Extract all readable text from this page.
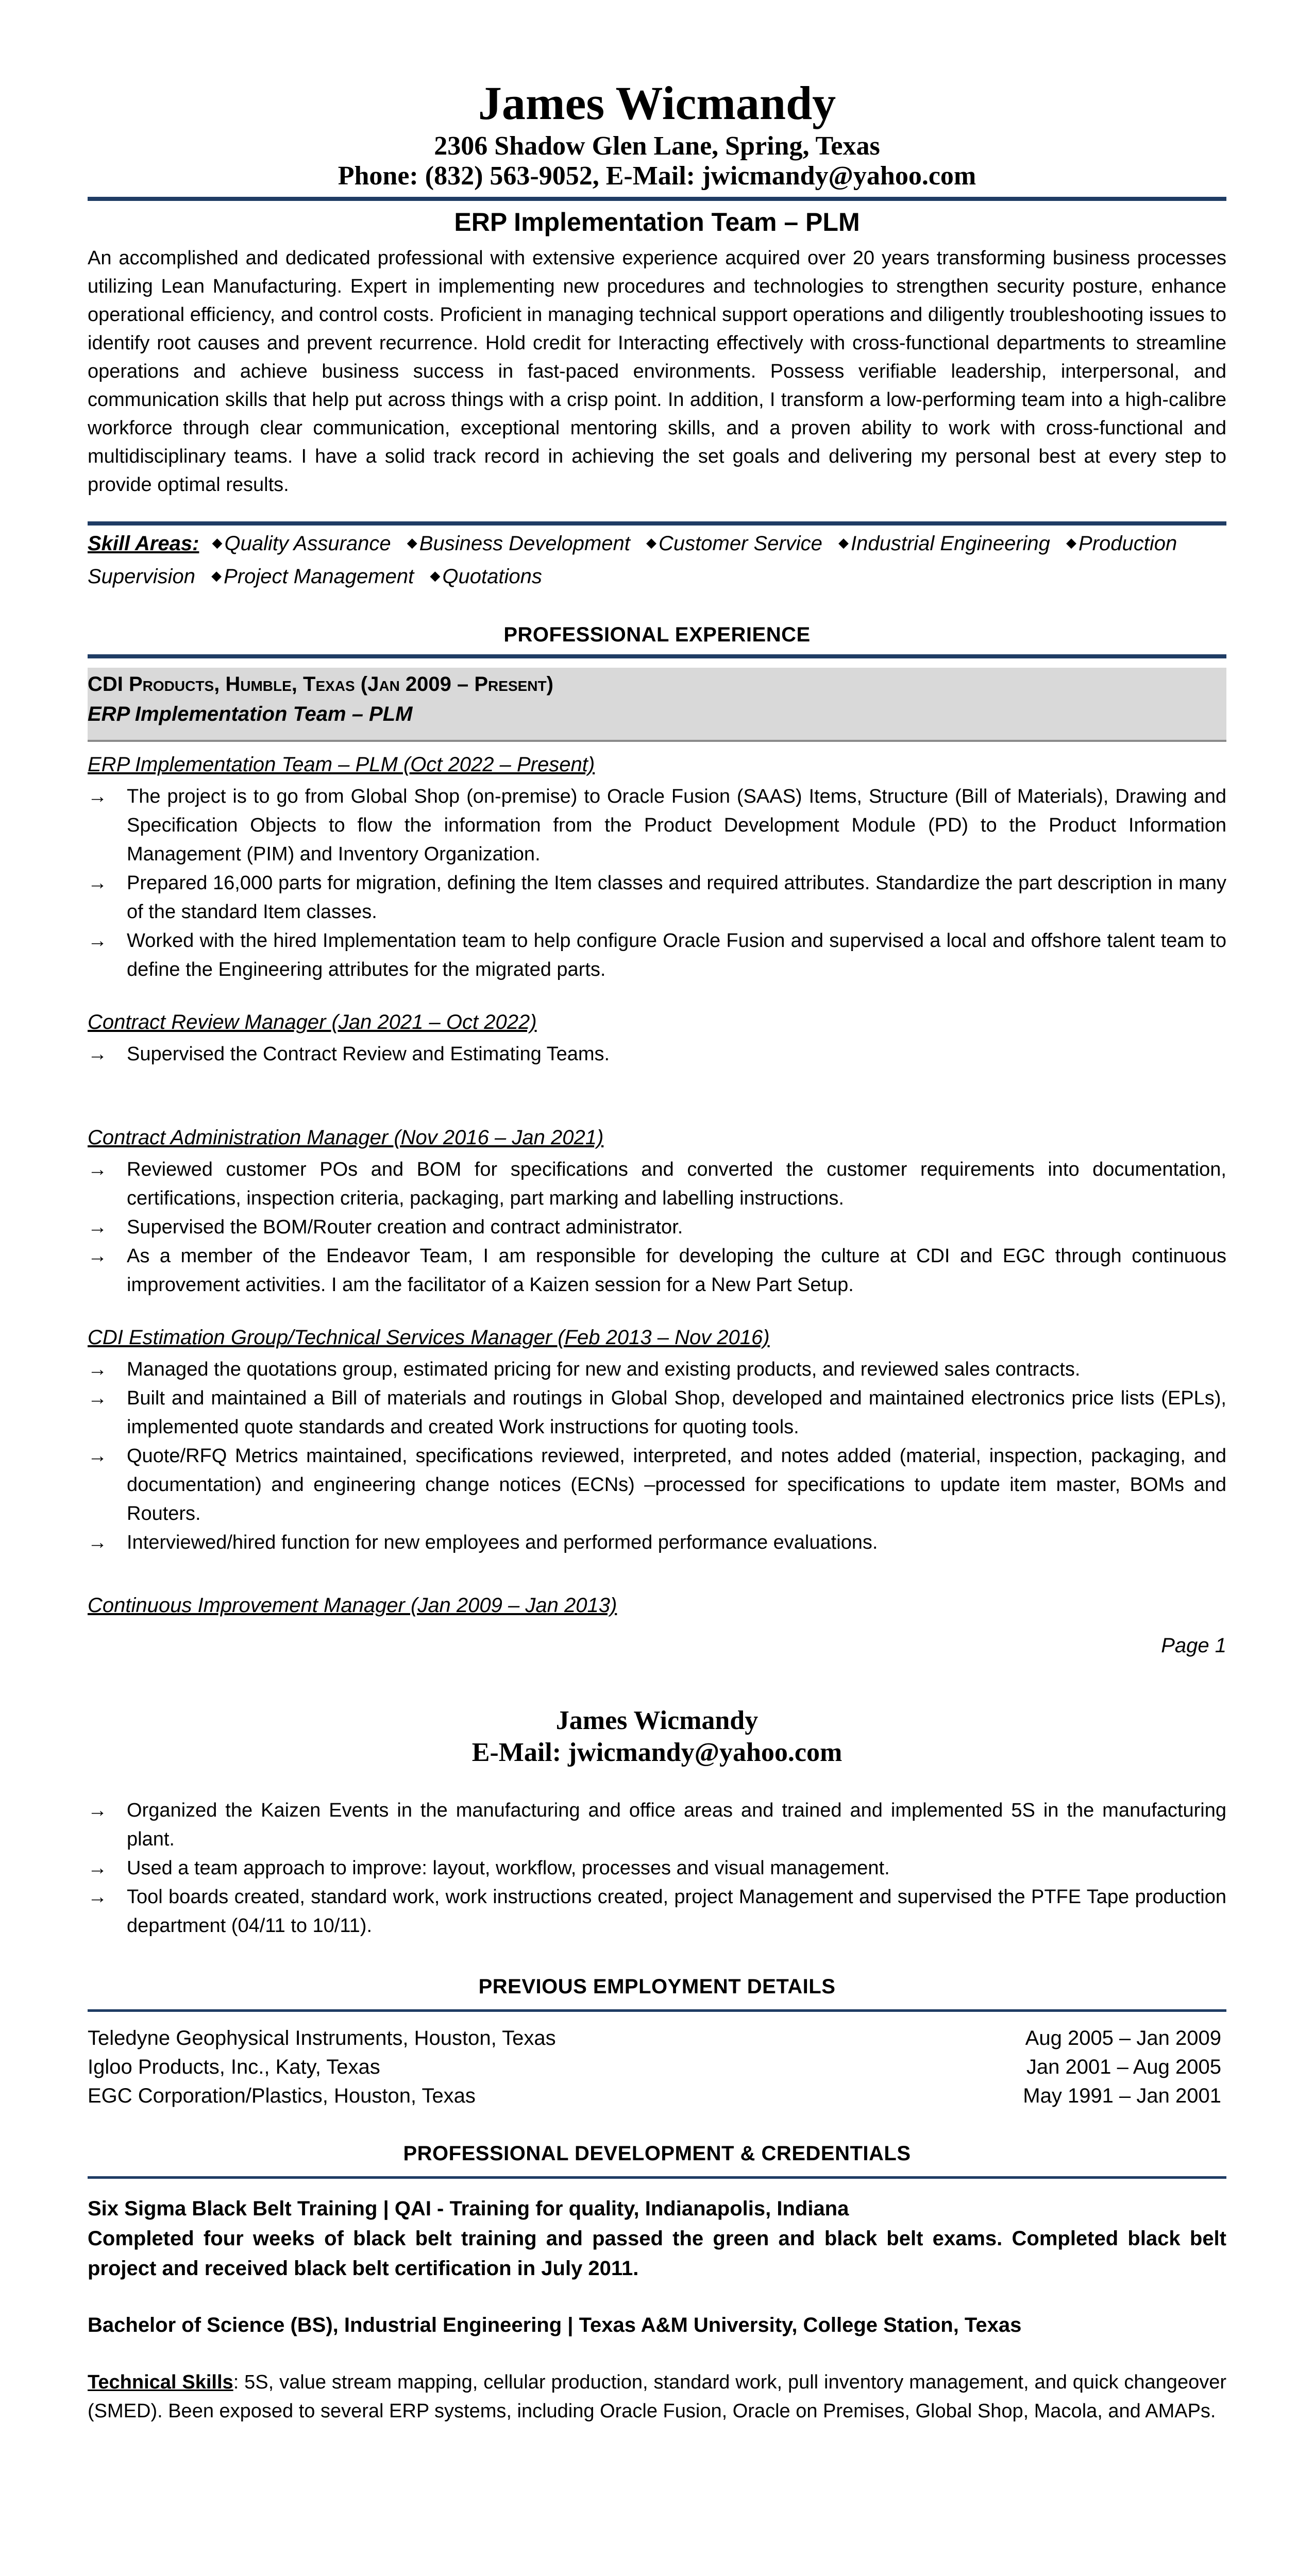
James Wicmandy
2306 Shadow Glen Lane, Spring, Texas
Phone: (832) 563-9052, E-Mail: jwicmandy@yahoo.com
ERP Implementation Team – PLM
An accomplished and dedicated professional with extensive experience acquired over 20 years transforming business processes utilizing Lean Manufacturing. Expert in implementing new procedures and technologies to strengthen security posture, enhance operational efficiency, and control costs. Proficient in managing technical support operations and diligently troubleshooting issues to identify root causes and prevent recurrence. Hold credit for Interacting effectively with cross-functional departments to streamline operations and achieve business success in fast-paced environments. Possess verifiable leadership, interpersonal, and communication skills that help put across things with a crisp point. In addition, I transform a low-performing team into a high-calibre workforce through clear communication, exceptional mentoring skills, and a proven ability to work with cross-functional and multidisciplinary teams. I have a solid track record in achieving the set goals and delivering my personal best at every step to provide optimal results.
Skill Areas: ◆ Quality Assurance ◆ Business Development ◆ Customer Service ◆ Industrial Engineering ◆ Production Supervision ◆ Project Management ◆ Quotations
PROFESSIONAL EXPERIENCE
CDI Products, Humble, Texas (Jan 2009 – Present)
ERP Implementation Team – PLM
ERP Implementation Team – PLM (Oct 2022 – Present)
→ The project is to go from Global Shop (on-premise) to Oracle Fusion (SAAS) Items, Structure (Bill of Materials), Drawing and Specification Objects to flow the information from the Product Development Module (PD) to the Product Information Management (PIM) and Inventory Organization.
→ Prepared 16,000 parts for migration, defining the Item classes and required attributes. Standardize the part description in many of the standard Item classes.
→ Worked with the hired Implementation team to help configure Oracle Fusion and supervised a local and offshore talent team to define the Engineering attributes for the migrated parts.
Contract Review Manager (Jan 2021 – Oct 2022)
→ Supervised the Contract Review and Estimating Teams.
Contract Administration Manager (Nov 2016 – Jan 2021)
→ Reviewed customer POs and BOM for specifications and converted the customer requirements into documentation, certifications, inspection criteria, packaging, part marking and labelling instructions.
→ Supervised the BOM/Router creation and contract administrator.
→ As a member of the Endeavor Team, I am responsible for developing the culture at CDI and EGC through continuous improvement activities. I am the facilitator of a Kaizen session for a New Part Setup.
CDI Estimation Group/Technical Services Manager (Feb 2013 – Nov 2016)
→ Managed the quotations group, estimated pricing for new and existing products, and reviewed sales contracts.
→ Built and maintained a Bill of materials and routings in Global Shop, developed and maintained electronics price lists (EPLs), implemented quote standards and created Work instructions for quoting tools.
→ Quote/RFQ Metrics maintained, specifications reviewed, interpreted, and notes added (material, inspection, packaging, and documentation) and engineering change notices (ECNs) –processed for specifications to update item master, BOMs and Routers.
→ Interviewed/hired function for new employees and performed performance evaluations.
Continuous Improvement Manager (Jan 2009 – Jan 2013)
Page 1
James Wicmandy
E-Mail: jwicmandy@yahoo.com
→ Organized the Kaizen Events in the manufacturing and office areas and trained and implemented 5S in the manufacturing plant.
→ Used a team approach to improve: layout, workflow, processes and visual management.
→ Tool boards created, standard work, work instructions created, project Management and supervised the PTFE Tape production department (04/11 to 10/11).
PREVIOUS EMPLOYMENT DETAILS
Teledyne Geophysical Instruments, Houston, Texas	Aug 2005 – Jan 2009
Igloo Products, Inc., Katy, Texas	Jan 2001 – Aug 2005
EGC Corporation/Plastics, Houston, Texas	May 1991 – Jan 2001
PROFESSIONAL DEVELOPMENT & CREDENTIALS
Six Sigma Black Belt Training | QAI - Training for quality, Indianapolis, Indiana
Completed four weeks of black belt training and passed the green and black belt exams. Completed black belt project and received black belt certification in July 2011.
Bachelor of Science (BS), Industrial Engineering | Texas A&M University, College Station, Texas
Technical Skills: 5S, value stream mapping, cellular production, standard work, pull inventory management, and quick changeover (SMED). Been exposed to several ERP systems, including Oracle Fusion, Oracle on Premises, Global Shop, Macola, and AMAPs.
